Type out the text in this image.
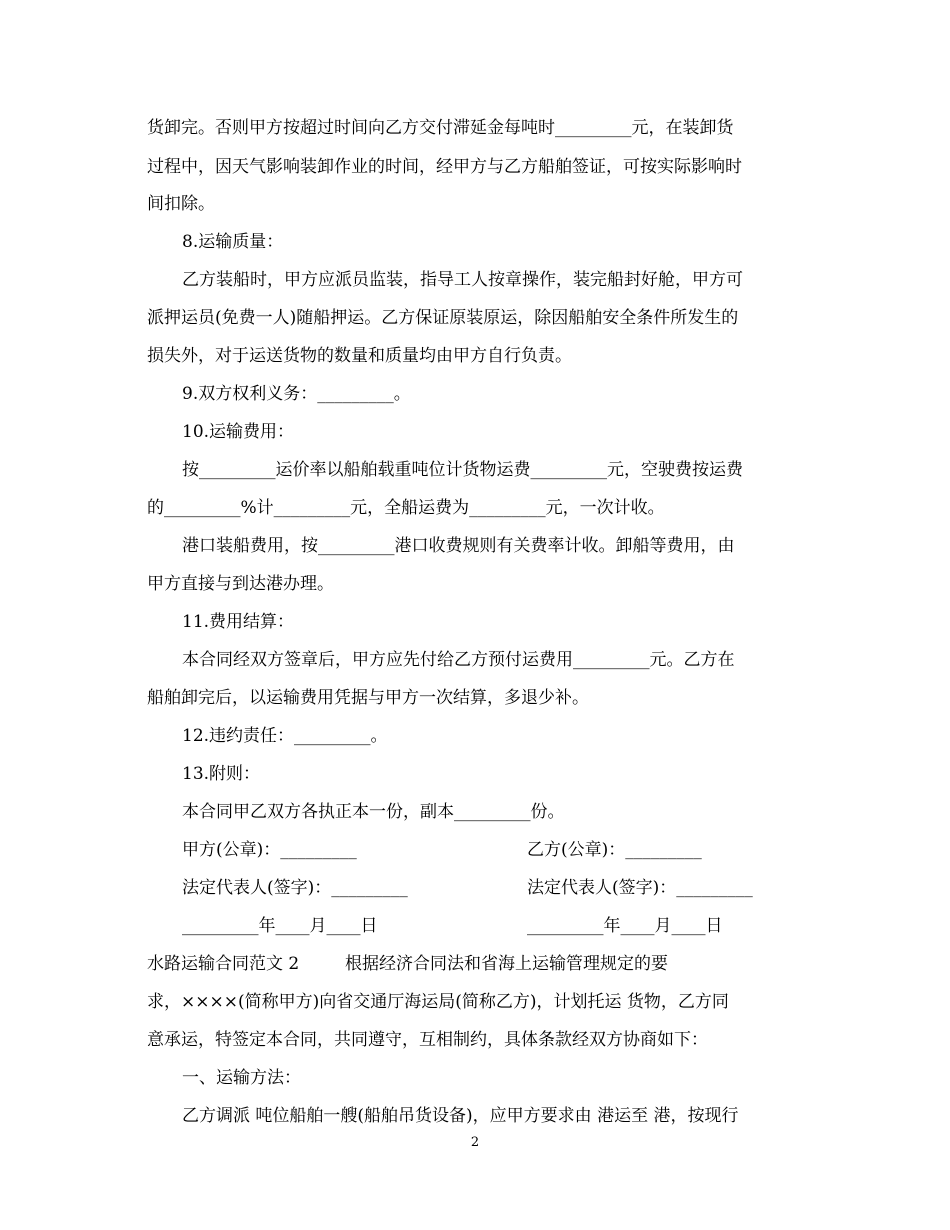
货卸完。否则甲方按超过时间向乙方交付滞延金每吨时_________元，在装卸货
过程中，因天气影响装卸作业的时间，经甲方与乙方船舶签证，可按实际影响时
间扣除。
8.运输质量：
乙方装船时，甲方应派员监装，指导工人按章操作，装完船封好舱，甲方可
派押运员(免费一人)随船押运。乙方保证原装原运，除因船舶安全条件所发生的
损失外，对于运送货物的数量和质量均由甲方自行负责。
9.双方权利义务：_________。
10.运输费用：
按_________运价率以船舶载重吨位计货物运费_________元，空驶费按运费
的_________%计_________元，全船运费为_________元，一次计收。
港口装船费用，按_________港口收费规则有关费率计收。卸船等费用，由
甲方直接与到达港办理。
11.费用结算：
本合同经双方签章后，甲方应先付给乙方预付运费用_________元。乙方在
船舶卸完后，以运输费用凭据与甲方一次结算，多退少补。
12.违约责任：_________。
13.附则：
本合同甲乙双方各执正本一份，副本_________份。
甲方(公章)：_________	乙方(公章)：_________
法定代表人(签字)：_________	法定代表人(签字)：_________
_________年____月____日	_________年____月____日
水路运输合同范文 2	根据经济合同法和省海上运输管理规定的要
求，××××(简称甲方)向省交通厅海运局(简称乙方)，计划托运 货物，乙方同
意承运，特签定本合同，共同遵守，互相制约，具体条款经双方协商如下：
一、运输方法：
乙方调派 吨位船舶一艘(船舶吊货设备)，应甲方要求由 港运至 港，按现行
2
